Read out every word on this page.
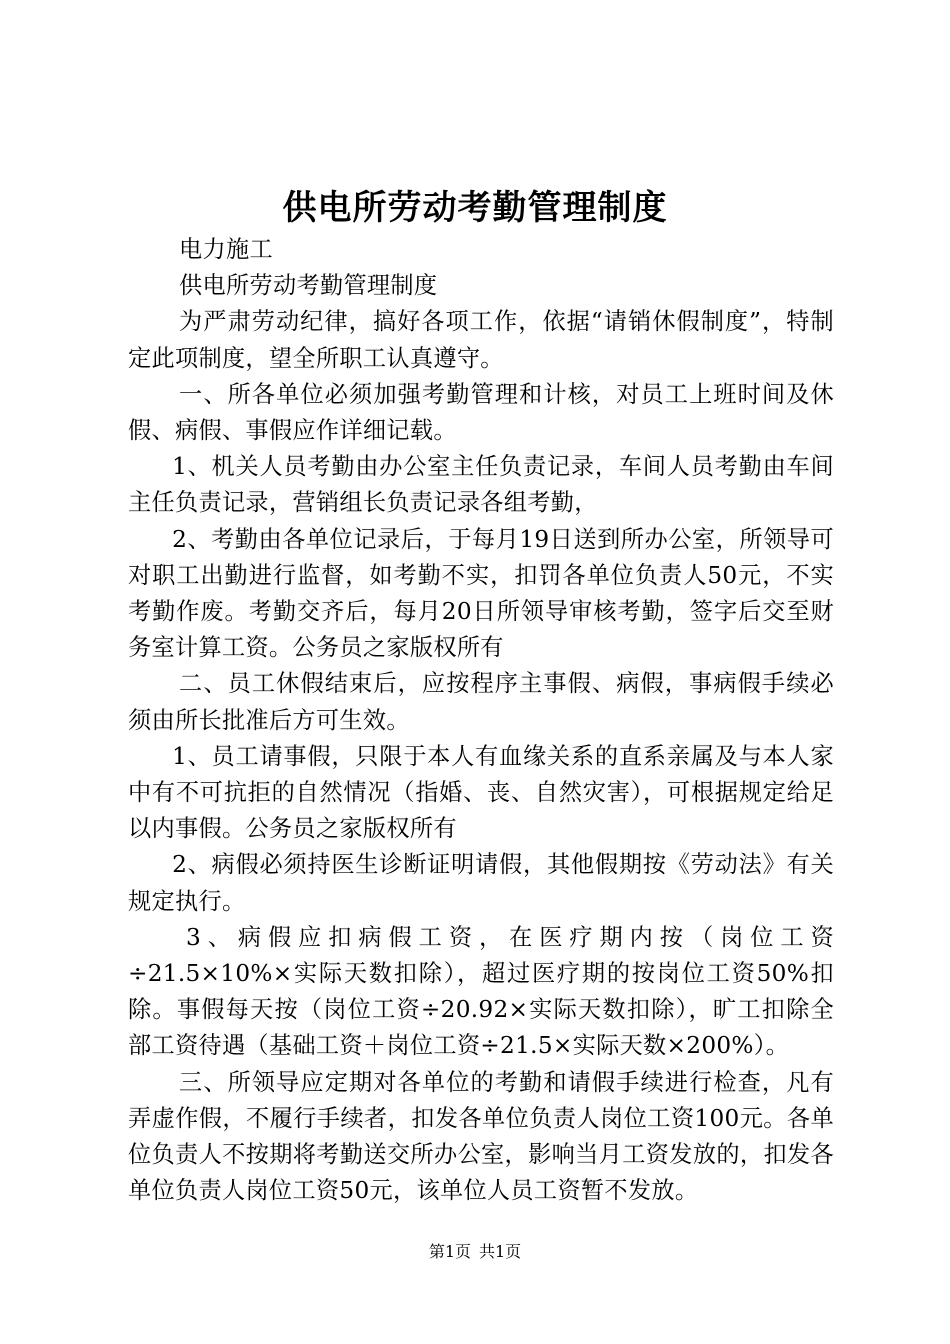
供电所劳动考勤管理制度

电力施工

供电所劳动考勤管理制度

为严肃劳动纪律，搞好各项工作，依据“请销休假制度”，特制定此项制度，望全所职工认真遵守。

一、所各单位必须加强考勤管理和计核，对员工上班时间及休假、病假、事假应作详细记载。

1、机关人员考勤由办公室主任负责记录，车间人员考勤由车间主任负责记录，营销组长负责记录各组考勤，

2、考勤由各单位记录后，于每月19日送到所办公室，所领导可对职工出勤进行监督，如考勤不实，扣罚各单位负责人50元，不实考勤作废。考勤交齐后，每月20日所领导审核考勤，签字后交至财务室计算工资。公务员之家版权所有

二、员工休假结束后，应按程序主事假、病假，事病假手续必须由所长批准后方可生效。

1、员工请事假，只限于本人有血缘关系的直系亲属及与本人家中有不可抗拒的自然情况（指婚、丧、自然灾害），可根据规定给足以内事假。公务员之家版权所有

2、病假必须持医生诊断证明请假，其他假期按《劳动法》有关规定执行。

3、病假应扣病假工资，在医疗期内按（岗位工资÷21.5×10%×实际天数扣除），超过医疗期的按岗位工资50%扣除。事假每天按（岗位工资÷20.92×实际天数扣除），旷工扣除全部工资待遇（基础工资＋岗位工资÷21.5×实际天数×200%）。

三、所领导应定期对各单位的考勤和请假手续进行检查，凡有弄虚作假，不履行手续者，扣发各单位负责人岗位工资100元。各单位负责人不按期将考勤送交所办公室，影响当月工资发放的，扣发各单位负责人岗位工资50元，该单位人员工资暂不发放。

第1页 共1页
